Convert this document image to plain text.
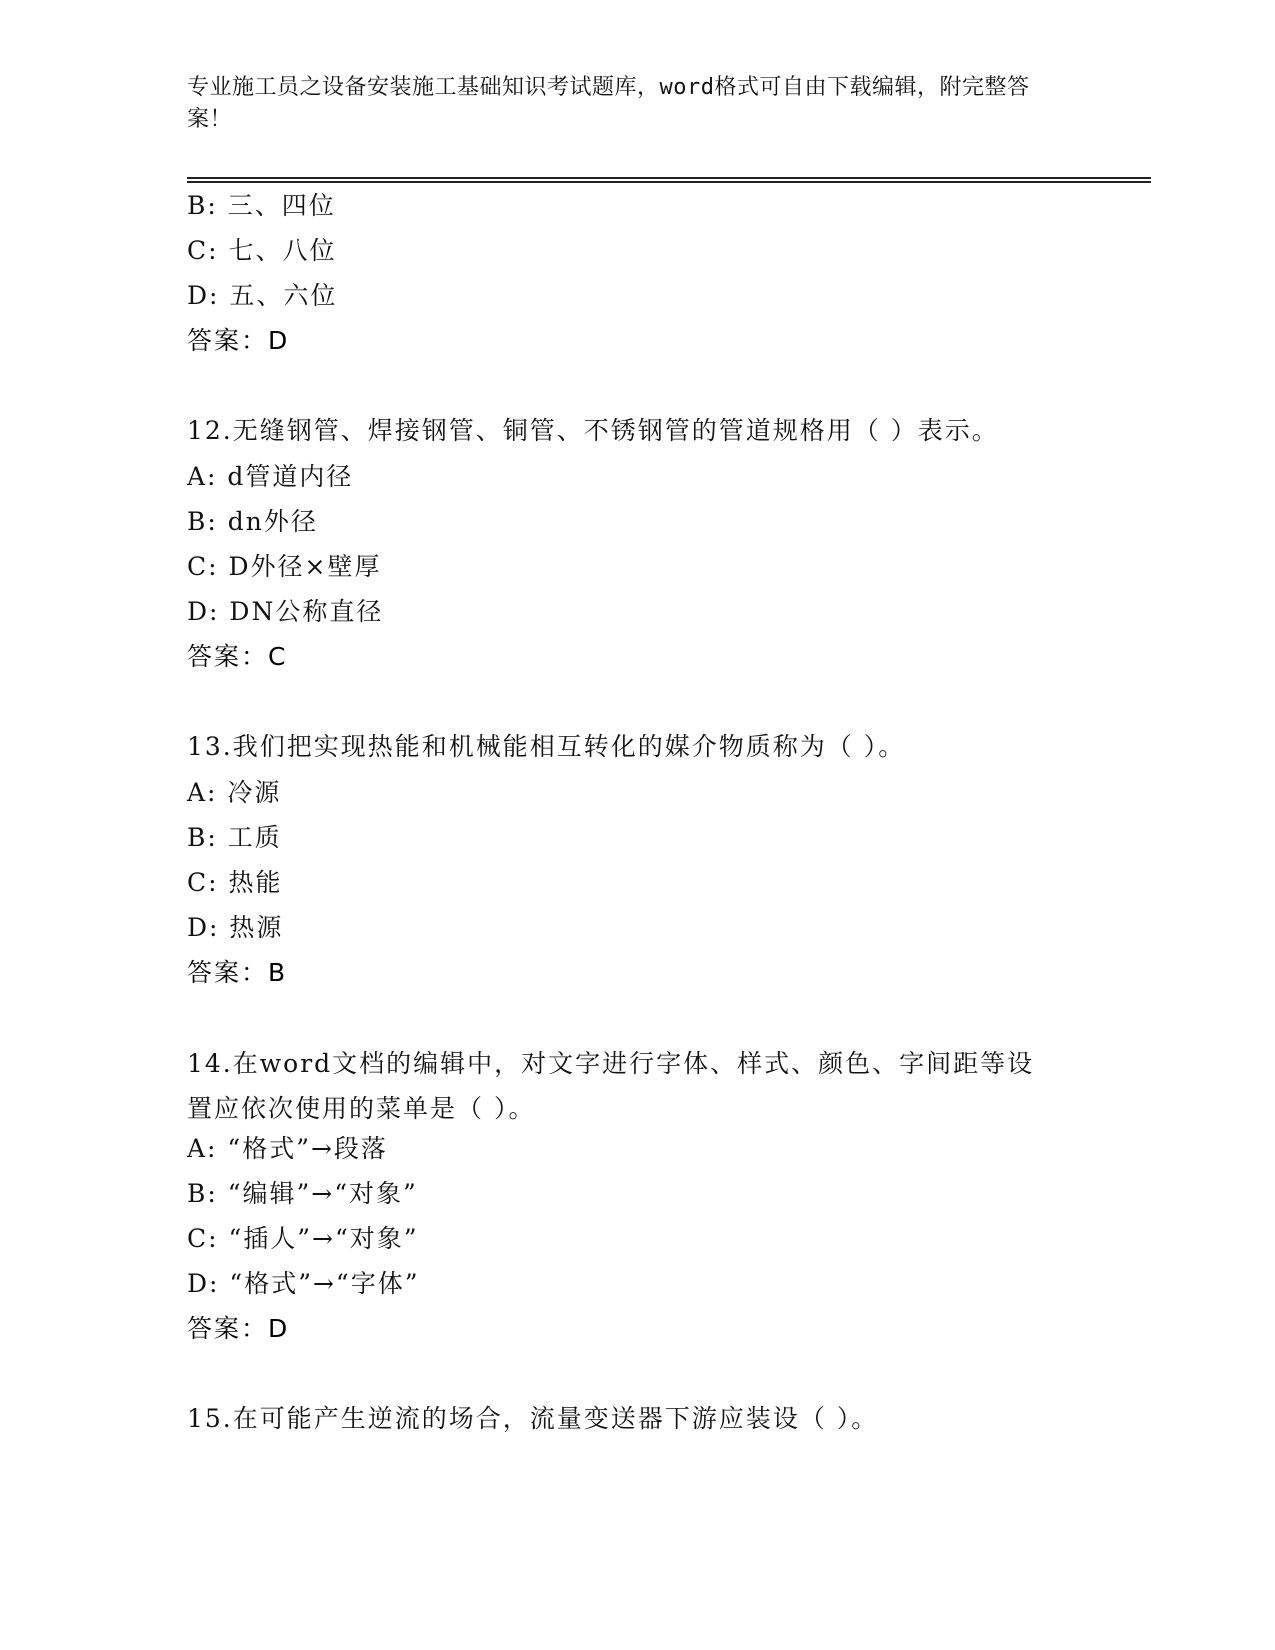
专业施工员之设备安装施工基础知识考试题库，word格式可自由下载编辑，附完整答案！
B: 三、四位
C: 七、八位
D: 五、六位
答案：D
12.无缝钢管、焊接钢管、铜管、不锈钢管的管道规格用（ ）表示。
A: d管道内径
B: dn外径
C: D外径×壁厚
D: DN公称直径
答案：C
13.我们把实现热能和机械能相互转化的媒介物质称为（ ）。
A: 冷源
B: 工质
C: 热能
D: 热源
答案：B
14.在word文档的编辑中，对文字进行字体、样式、颜色、字间距等设置应依次使用的菜单是（ ）。
A: “格式”→段落
B: “编辑”→“对象”
C: “插人”→“对象”
D: “格式”→“字体”
答案：D
15.在可能产生逆流的场合，流量变送器下游应装设（ ）。
